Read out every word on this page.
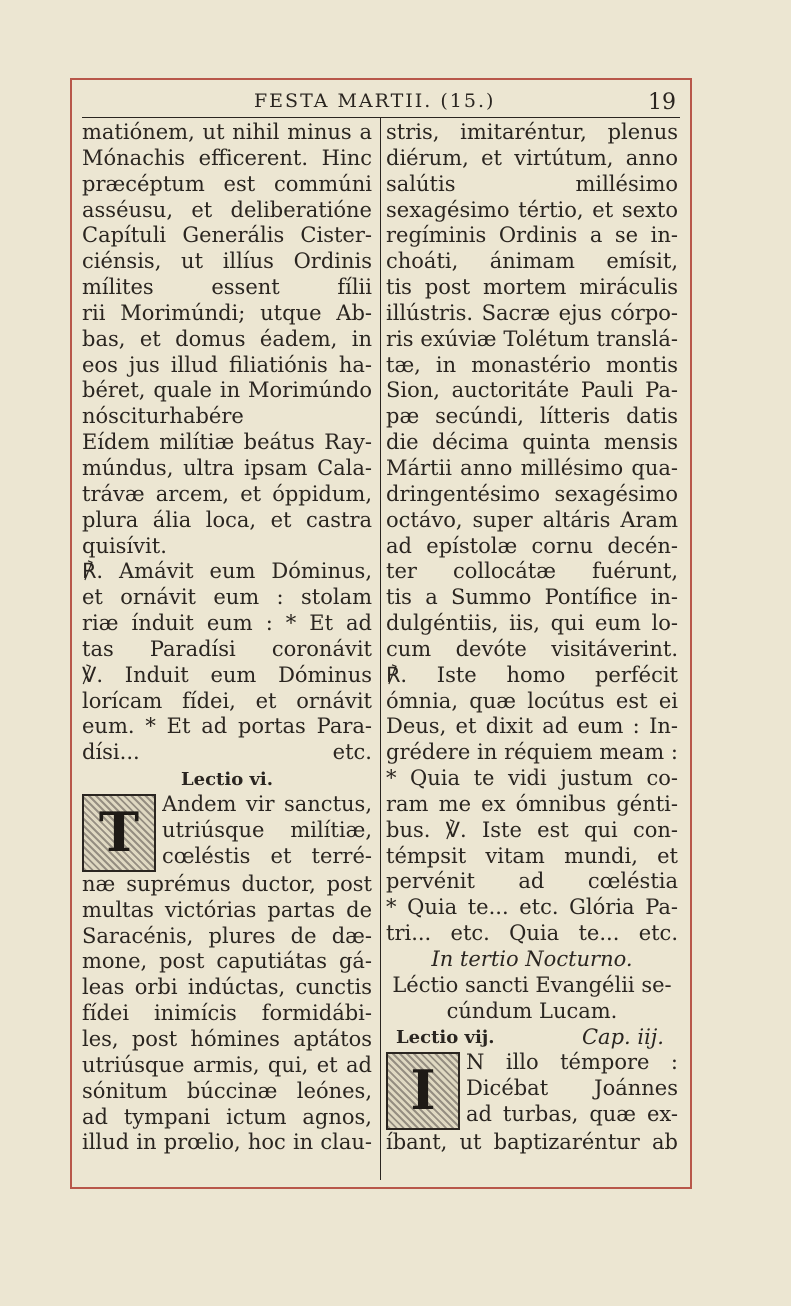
FESTA MARTII. (15.)	19
matiónem, ut nihil minus a
Mónachis efficerent. Hinc
præcéptum est commúni
asséusu, et deliberatióne
Capítuli Generális Cister-
ciénsis, ut illíus Ordinis
mílites essent fílii
rii Morimúndi; utque Ab-
bas, et domus éadem, in
eos jus illud filiatiónis ha-
béret, quale in Morimúndo
nósciturhabére
Eídem milítiæ beátus Ray-
múndus, ultra ipsam Cala-
trávæ arcem, et óppidum,
plura ália loca, et castra
quisívit.
℟. Amávit eum Dóminus,
et ornávit eum : stolam
riæ índuit eum : * Et ad
tas Paradísi coronávit
℣. Induit eum Dóminus
lorícam fídei, et ornávit
eum. * Et ad portas Para-
dísi... etc.
Lectio vi.
T	Andem vir sanctus,
utriúsque milítiæ,
cœléstis et terré-
næ suprémus ductor, post
multas victórias partas de
Saracénis, plures de dæ-
mone, post caputiátas gá-
leas orbi indúctas, cunctis
fídei inimícis formidábi-
les, post hómines aptátos
utriúsque armis, qui, et ad
sónitum búccinæ leónes,
ad tympani ictum agnos,
illud in prœlio, hoc in clau-
stris, imitaréntur, plenus
diérum, et virtútum, anno
salútis millésimo
sexagésimo tértio, et sexto
regíminis Ordinis a se in-
choáti, ánimam emísit,
tis post mortem miráculis
illústris. Sacræ ejus córpo-
ris exúviæ Tolétum translá-
tæ, in monastério montis
Sion, auctoritáte Pauli Pa-
pæ secúndi, lítteris datis
die décima quinta mensis
Mártii anno millésimo qua-
dringentésimo sexagésimo
octávo, super altáris Aram
ad epístolæ cornu decén-
ter collocátæ fuérunt,
tis a Summo Pontífice in-
dulgéntiis, iis, qui eum lo-
cum devóte visitáverint.
℟. Iste homo perfécit
ómnia, quæ locútus est ei
Deus, et dixit ad eum : In-
grédere in réquiem meam :
* Quia te vidi justum co-
ram me ex ómnibus génti-
bus. ℣. Iste est qui con-
témpsit vitam mundi, et
pervénit ad cœléstia
* Quia te... etc. Glória Pa-
tri... etc. Quia te... etc.
In tertio Nocturno.
Léctio sancti Evangélii se-
cúndum Lucam.
Lectio vij.	Cap. iij.
I	N illo témpore :
Dicébat Joánnes
ad turbas, quæ ex-
íbant, ut baptizaréntur ab
